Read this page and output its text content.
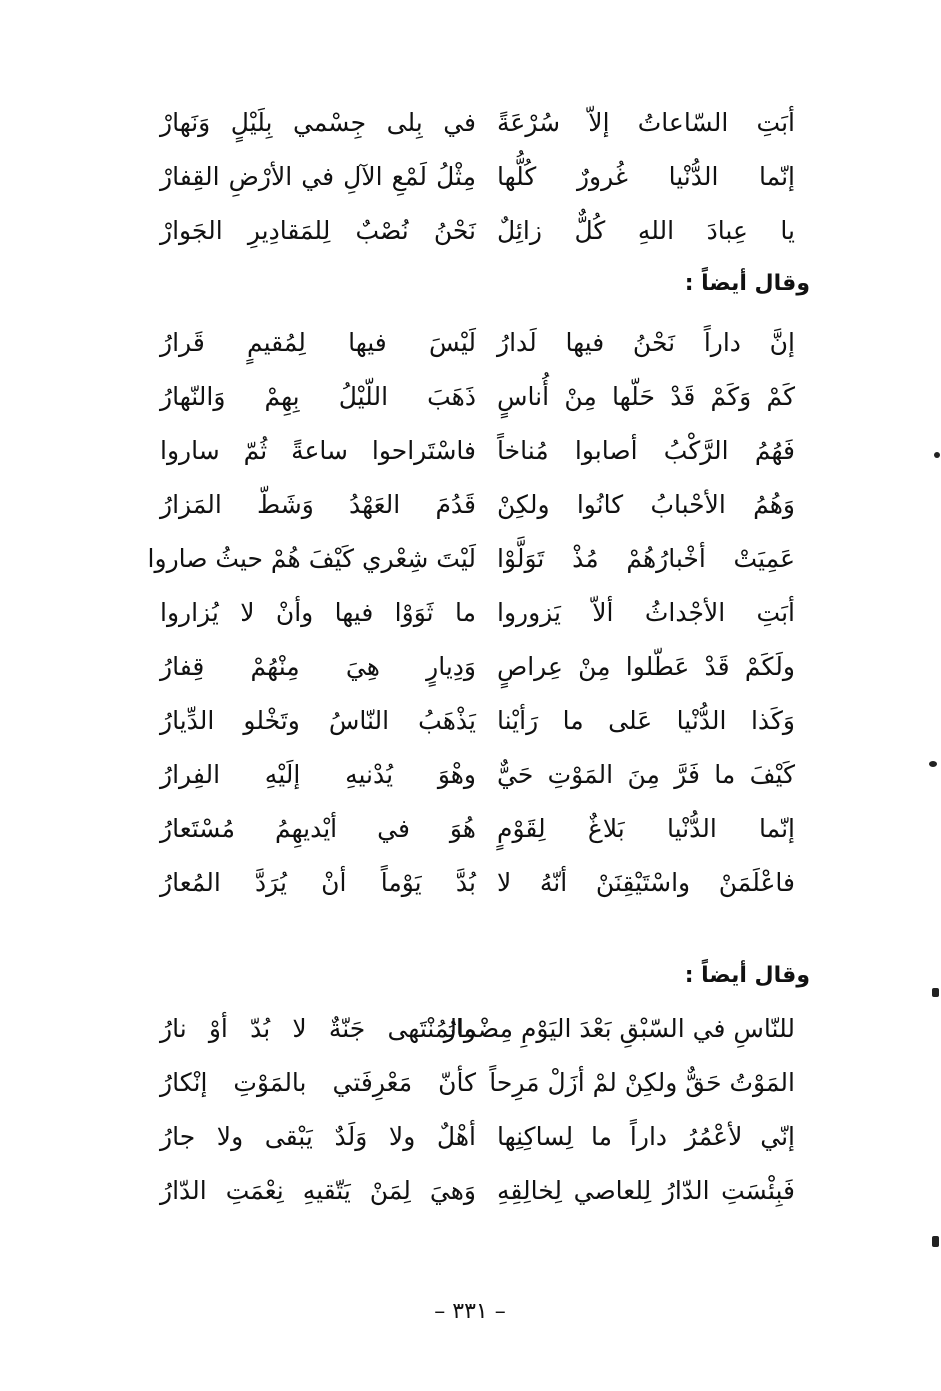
أبَتِ السّاعاتُ إلاّ سُرْعَةً
في بِلى جِسْمي بِلَيْلٍ وَنَهارْ
إنّما الدُّنْيا غُرورٌ كُلُّها
مِثْلُ لَمْعِ الآلِ في الأرْضِ القِفارْ
يا عِبادَ اللهِ كُلٌّ زائِلٌ
نَحْنُ نُصْبٌ لِلمَقادِيرِ الجَوارْ
وقال أيضاً :
إنَّ داراً نَحْنُ فيها لَدارُ
لَيْسَ فيها لِمُقيمٍ قَرارُ
كَمْ وَكَمْ قَدْ حَلّها مِنْ أُناسٍ
ذَهَبَ اللّيْلُ بِهِمْ وَالنّهارُ
فَهُمُ الرَّكْبُ أصابوا مُناخاً
فاسْتَراحوا ساعةً ثُمّ ساروا
وَهُمُ الأحْبابُ كانُوا ولكِنْ
قَدُمَ العَهْدُ وَشَطّ المَزارُ
عَمِيَتْ أخْبارُهُمْ مُذْ تَوَلَّوْا
لَيْتَ شِعْري كَيْفَ هُمْ حيثُ صاروا
أبَتِ الأجْداثُ ألاّ يَزوروا
ما ثَوَوْا فيها وأنْ لا يُزاروا
ولَكَمْ قَدْ عَطّلوا مِنْ عِراصٍ
وَدِيارٍ هِيَ مِنْهُمْ قِفارُ
وَكَذا الدُّنْيا عَلى ما رَأيْنا
يَذْهَبُ النّاسُ وتَخْلو الدِّيارُ
كَيْفَ ما فَرَّ مِنَ المَوْتِ حَيٌّ
وهْوَ يُدْنيهِ إلَيْهِ الفِرارُ
إنّما الدُّنْيا بَلاغٌ لِقَوْمٍ
هُوَ في أيْديهِمُ مُسْتَعارُ
فاعْلَمَنْ واسْتَيْقِنَنْ أنّهُ لا
بُدَّ يَوْماً أنْ يُرَدَّ المُعارُ
وقال أيضاً :
للنّاسِ في السّبْقِ بَعْدَ اليَوْمِ مِضْمارُ
والمُنْتَهى جَنّةٌ لا بُدّ أوْ نارُ
المَوْتُ حَقٌّ ولكِنْ لمْ أزَلْ مَرِحاً
كأنّ مَعْرِفَتي بالمَوْتِ إنْكارُ
إنّي لأعْمُرُ داراً ما لِساكِنِها
أهْلٌ ولا وَلَدٌ يَبْقى ولا جارُ
فَبِئْسَتِ الدّارُ لِلعاصي لِخالِقِهِ
وَهيَ لِمَنْ يَتّقيهِ نِعْمَتِ الدّارُ
– ٣٣١ –
